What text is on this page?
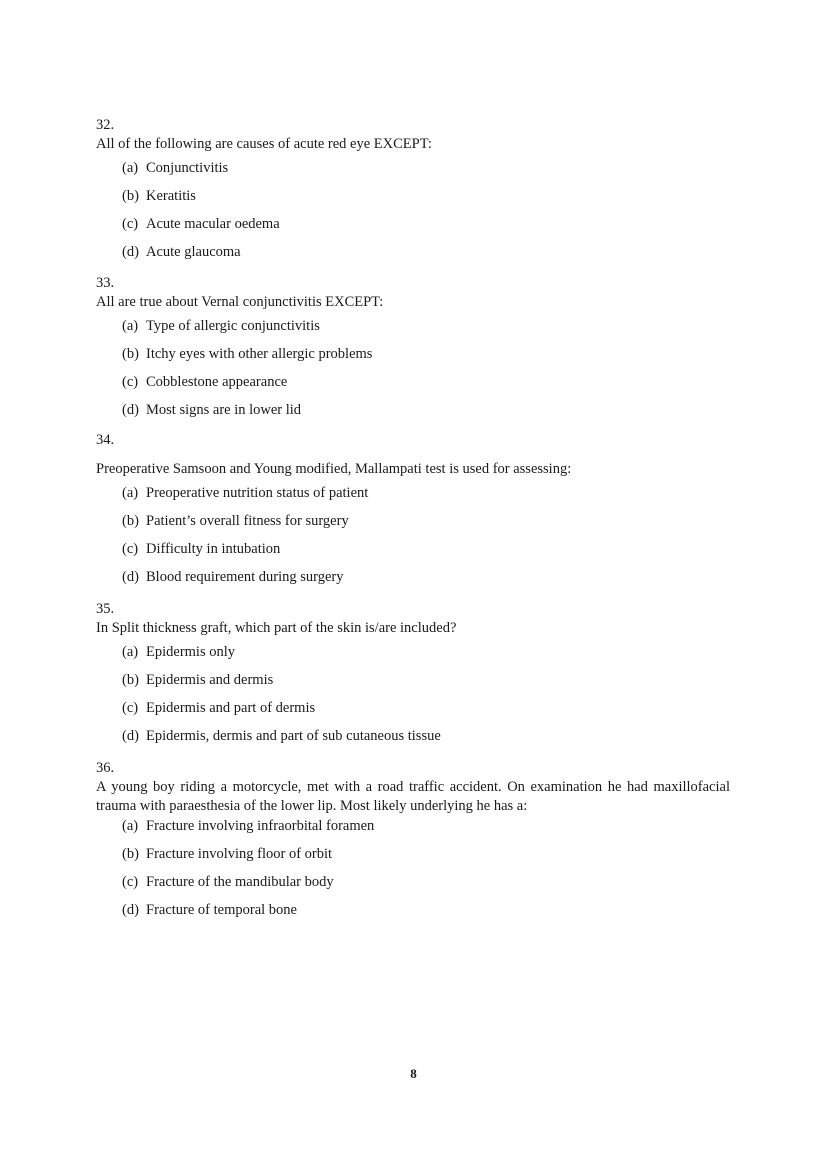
32.
All of the following are causes of acute red eye EXCEPT:
(a) Conjunctivitis
(b) Keratitis
(c) Acute macular oedema
(d) Acute glaucoma
33.
All are true about Vernal conjunctivitis EXCEPT:
(a) Type of allergic conjunctivitis
(b) Itchy eyes with other allergic problems
(c) Cobblestone appearance
(d) Most signs are in lower lid
34.
Preoperative Samsoon and Young modified, Mallampati test is used for assessing:
(a) Preoperative nutrition status of patient
(b) Patient’s overall fitness for surgery
(c) Difficulty in intubation
(d) Blood requirement during surgery
35.
In Split thickness graft, which part of the skin is/are included?
(a) Epidermis only
(b) Epidermis and dermis
(c) Epidermis and part of dermis
(d) Epidermis, dermis and part of sub cutaneous tissue
36.
A young boy riding a motorcycle, met with a road traffic accident. On examination he had maxillofacial trauma with paraesthesia of the lower lip. Most likely underlying he has a:
(a) Fracture involving infraorbital foramen
(b) Fracture involving floor of orbit
(c) Fracture of the mandibular body
(d) Fracture of temporal bone
8
